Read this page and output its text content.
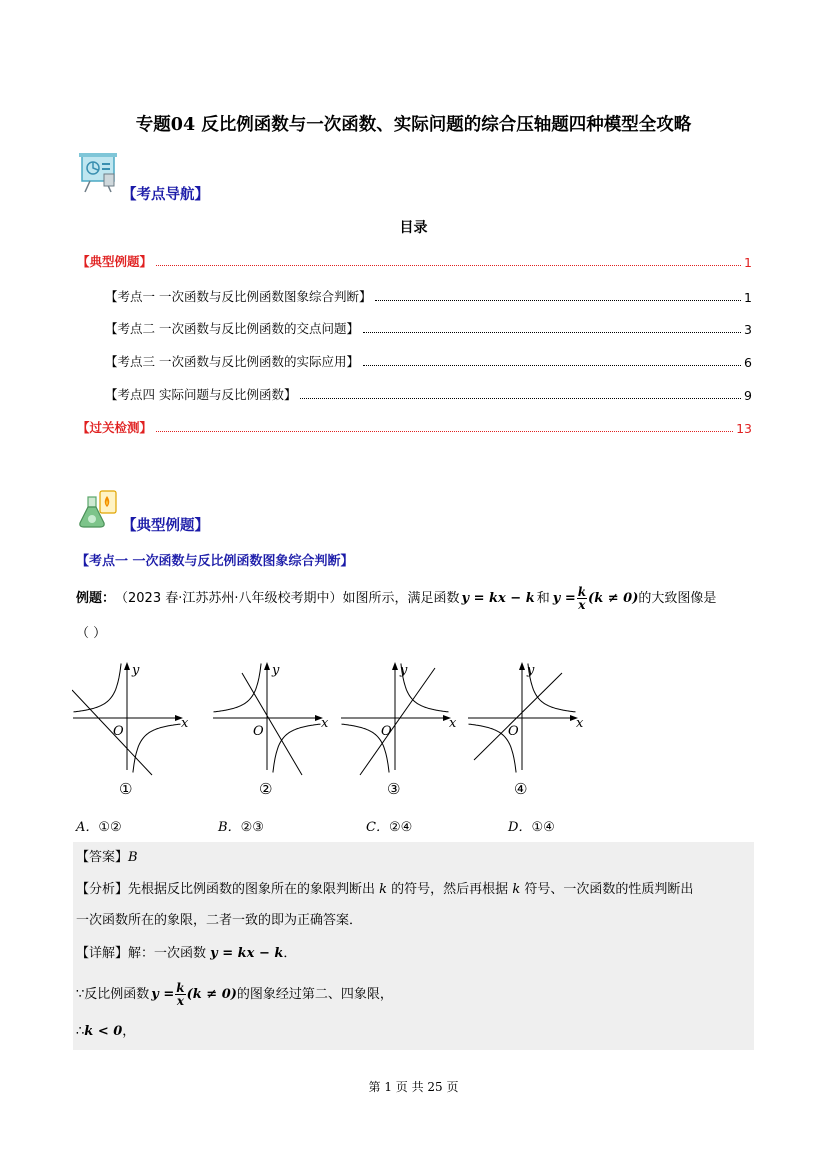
专题04 反比例函数与一次函数、实际问题的综合压轴题四种模型全攻略
【考点导航】
目录
【典型例题】	1
【考点一 一次函数与反比例函数图象综合判断】	1
【考点二 一次函数与反比例函数的交点问题】	3
【考点三 一次函数与反比例函数的实际应用】	6
【考点四 实际问题与反比例函数】	9
【过关检测】	13
【典型例题】
【考点一 一次函数与反比例函数图象综合判断】
例题： （2023 春·江苏苏州·八年级校考期中）如图所示，满足函数 y = kx − k 和 $y = \frac{k}{x} (k \ne 0)$ 的大致图像是
（ ）
x
y
O
①
x
y
O
②
x
y
O
③
x
y
O
④
A．①②	B．②③	C．②④	D．①④
【答案】B
【分析】先根据反比例函数的图象所在的象限判断出 k 的符号，然后再根据 k 符号、一次函数的性质判断出
一次函数所在的象限，二者一致的即为正确答案．
【详解】解：一次函数 y = kx − k．
∵反比例函数 $y = \frac{k}{x} (k \ne 0)$ 的图象经过第二、四象限，
∴k < 0，
第 1 页 共 25 页
